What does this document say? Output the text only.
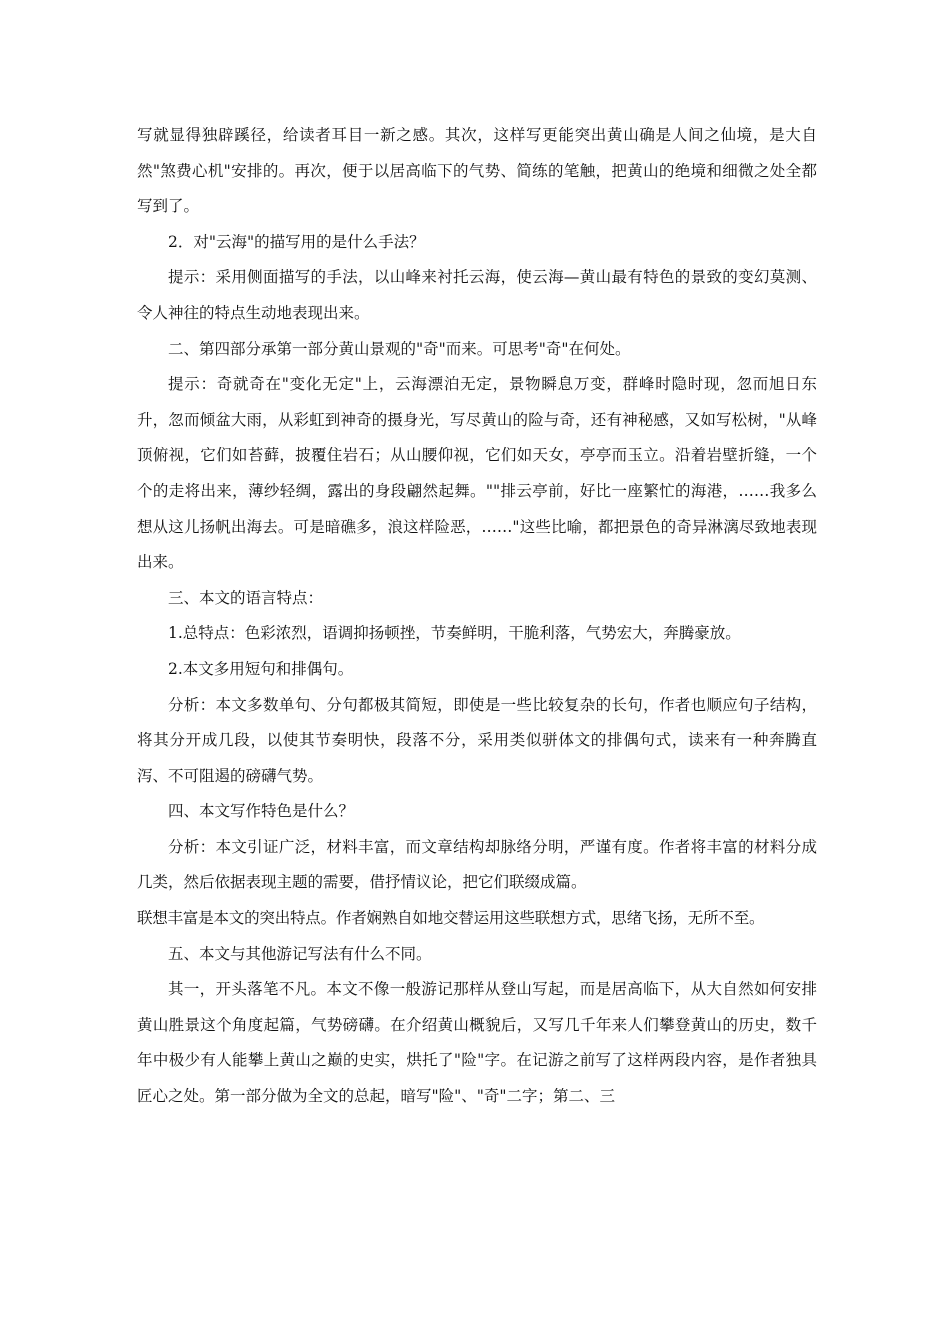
写就显得独辟蹊径，给读者耳目一新之感。其次，这样写更能突出黄山确是人间之仙境，是大自然"煞费心机"安排的。再次，便于以居高临下的气势、简练的笔触，把黄山的绝境和细微之处全都写到了。

2．对"云海"的描写用的是什么手法？

提示：采用侧面描写的手法，以山峰来衬托云海，使云海—黄山最有特色的景致的变幻莫测、令人神往的特点生动地表现出来。

二、第四部分承第一部分黄山景观的"奇"而来。可思考"奇"在何处。

提示：奇就奇在"变化无定"上，云海漂泊无定，景物瞬息万变，群峰时隐时现，忽而旭日东升，忽而倾盆大雨，从彩虹到神奇的摄身光，写尽黄山的险与奇，还有神秘感，又如写松树，"从峰顶俯视，它们如苔藓，披覆住岩石；从山腰仰视，它们如天女，亭亭而玉立。沿着岩壁折缝，一个个的走将出来，薄纱轻绸，露出的身段翩然起舞。""排云亭前，好比一座繁忙的海港，……我多么想从这儿扬帆出海去。可是暗礁多，浪这样险恶，……"这些比喻，都把景色的奇异淋漓尽致地表现出来。

三、本文的语言特点：

1.总特点：色彩浓烈，语调抑扬顿挫，节奏鲜明，干脆利落，气势宏大，奔腾豪放。

2.本文多用短句和排偶句。

分析：本文多数单句、分句都极其简短，即使是一些比较复杂的长句，作者也顺应句子结构，将其分开成几段，以使其节奏明快，段落不分，采用类似骈体文的排偶句式，读来有一种奔腾直泻、不可阻遏的磅礴气势。

四、本文写作特色是什么？

分析：本文引证广泛，材料丰富，而文章结构却脉络分明，严谨有度。作者将丰富的材料分成几类，然后依据表现主题的需要，借抒情议论，把它们联缀成篇。

联想丰富是本文的突出特点。作者娴熟自如地交替运用这些联想方式，思绪飞扬，无所不至。

五、本文与其他游记写法有什么不同。

其一，开头落笔不凡。本文不像一般游记那样从登山写起，而是居高临下，从大自然如何安排黄山胜景这个角度起篇，气势磅礴。在介绍黄山概貌后，又写几千年来人们攀登黄山的历史，数千年中极少有人能攀上黄山之巅的史实，烘托了"险"字。在记游之前写了这样两段内容，是作者独具匠心之处。第一部分做为全文的总起，暗写"险"、"奇"二字；第二、三
